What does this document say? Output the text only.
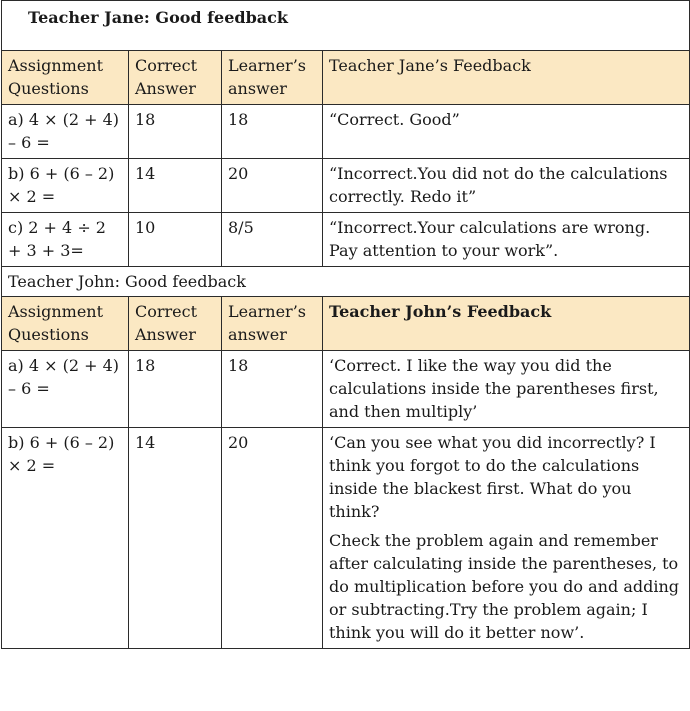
Teacher Jane: Good feedback			
Assignment Questions	Correct Answer	Learner’s answer	Teacher Jane’s Feedback
a) 4 × (2 + 4) – 6 =	18	18	“Correct. Good”
b) 6 + (6 – 2) × 2 =	14	20	“Incorrect.You did not do the calculations correctly. Redo it”
c) 2 + 4 ÷ 2 + 3 + 3=	10	8/5	“Incorrect.Your calculations are wrong. Pay attention to your work”.
Teacher John: Good feedback			
Assignment Questions	Correct Answer	Learner’s answer	Teacher John’s Feedback
a) 4 × (2 + 4) – 6 =	18	18	‘Correct. I like the way you did the calculations inside the parentheses first, and then multiply’
b) 6 + (6 – 2) × 2 =	14	20	‘Can you see what you did incorrectly? I think you forgot to do the calculations inside the blackest first. What do you think?
Check the problem again and remember after calculating inside the parentheses, to do multiplication before you do and adding or subtracting.Try the problem again; I think you will do it better now’.
